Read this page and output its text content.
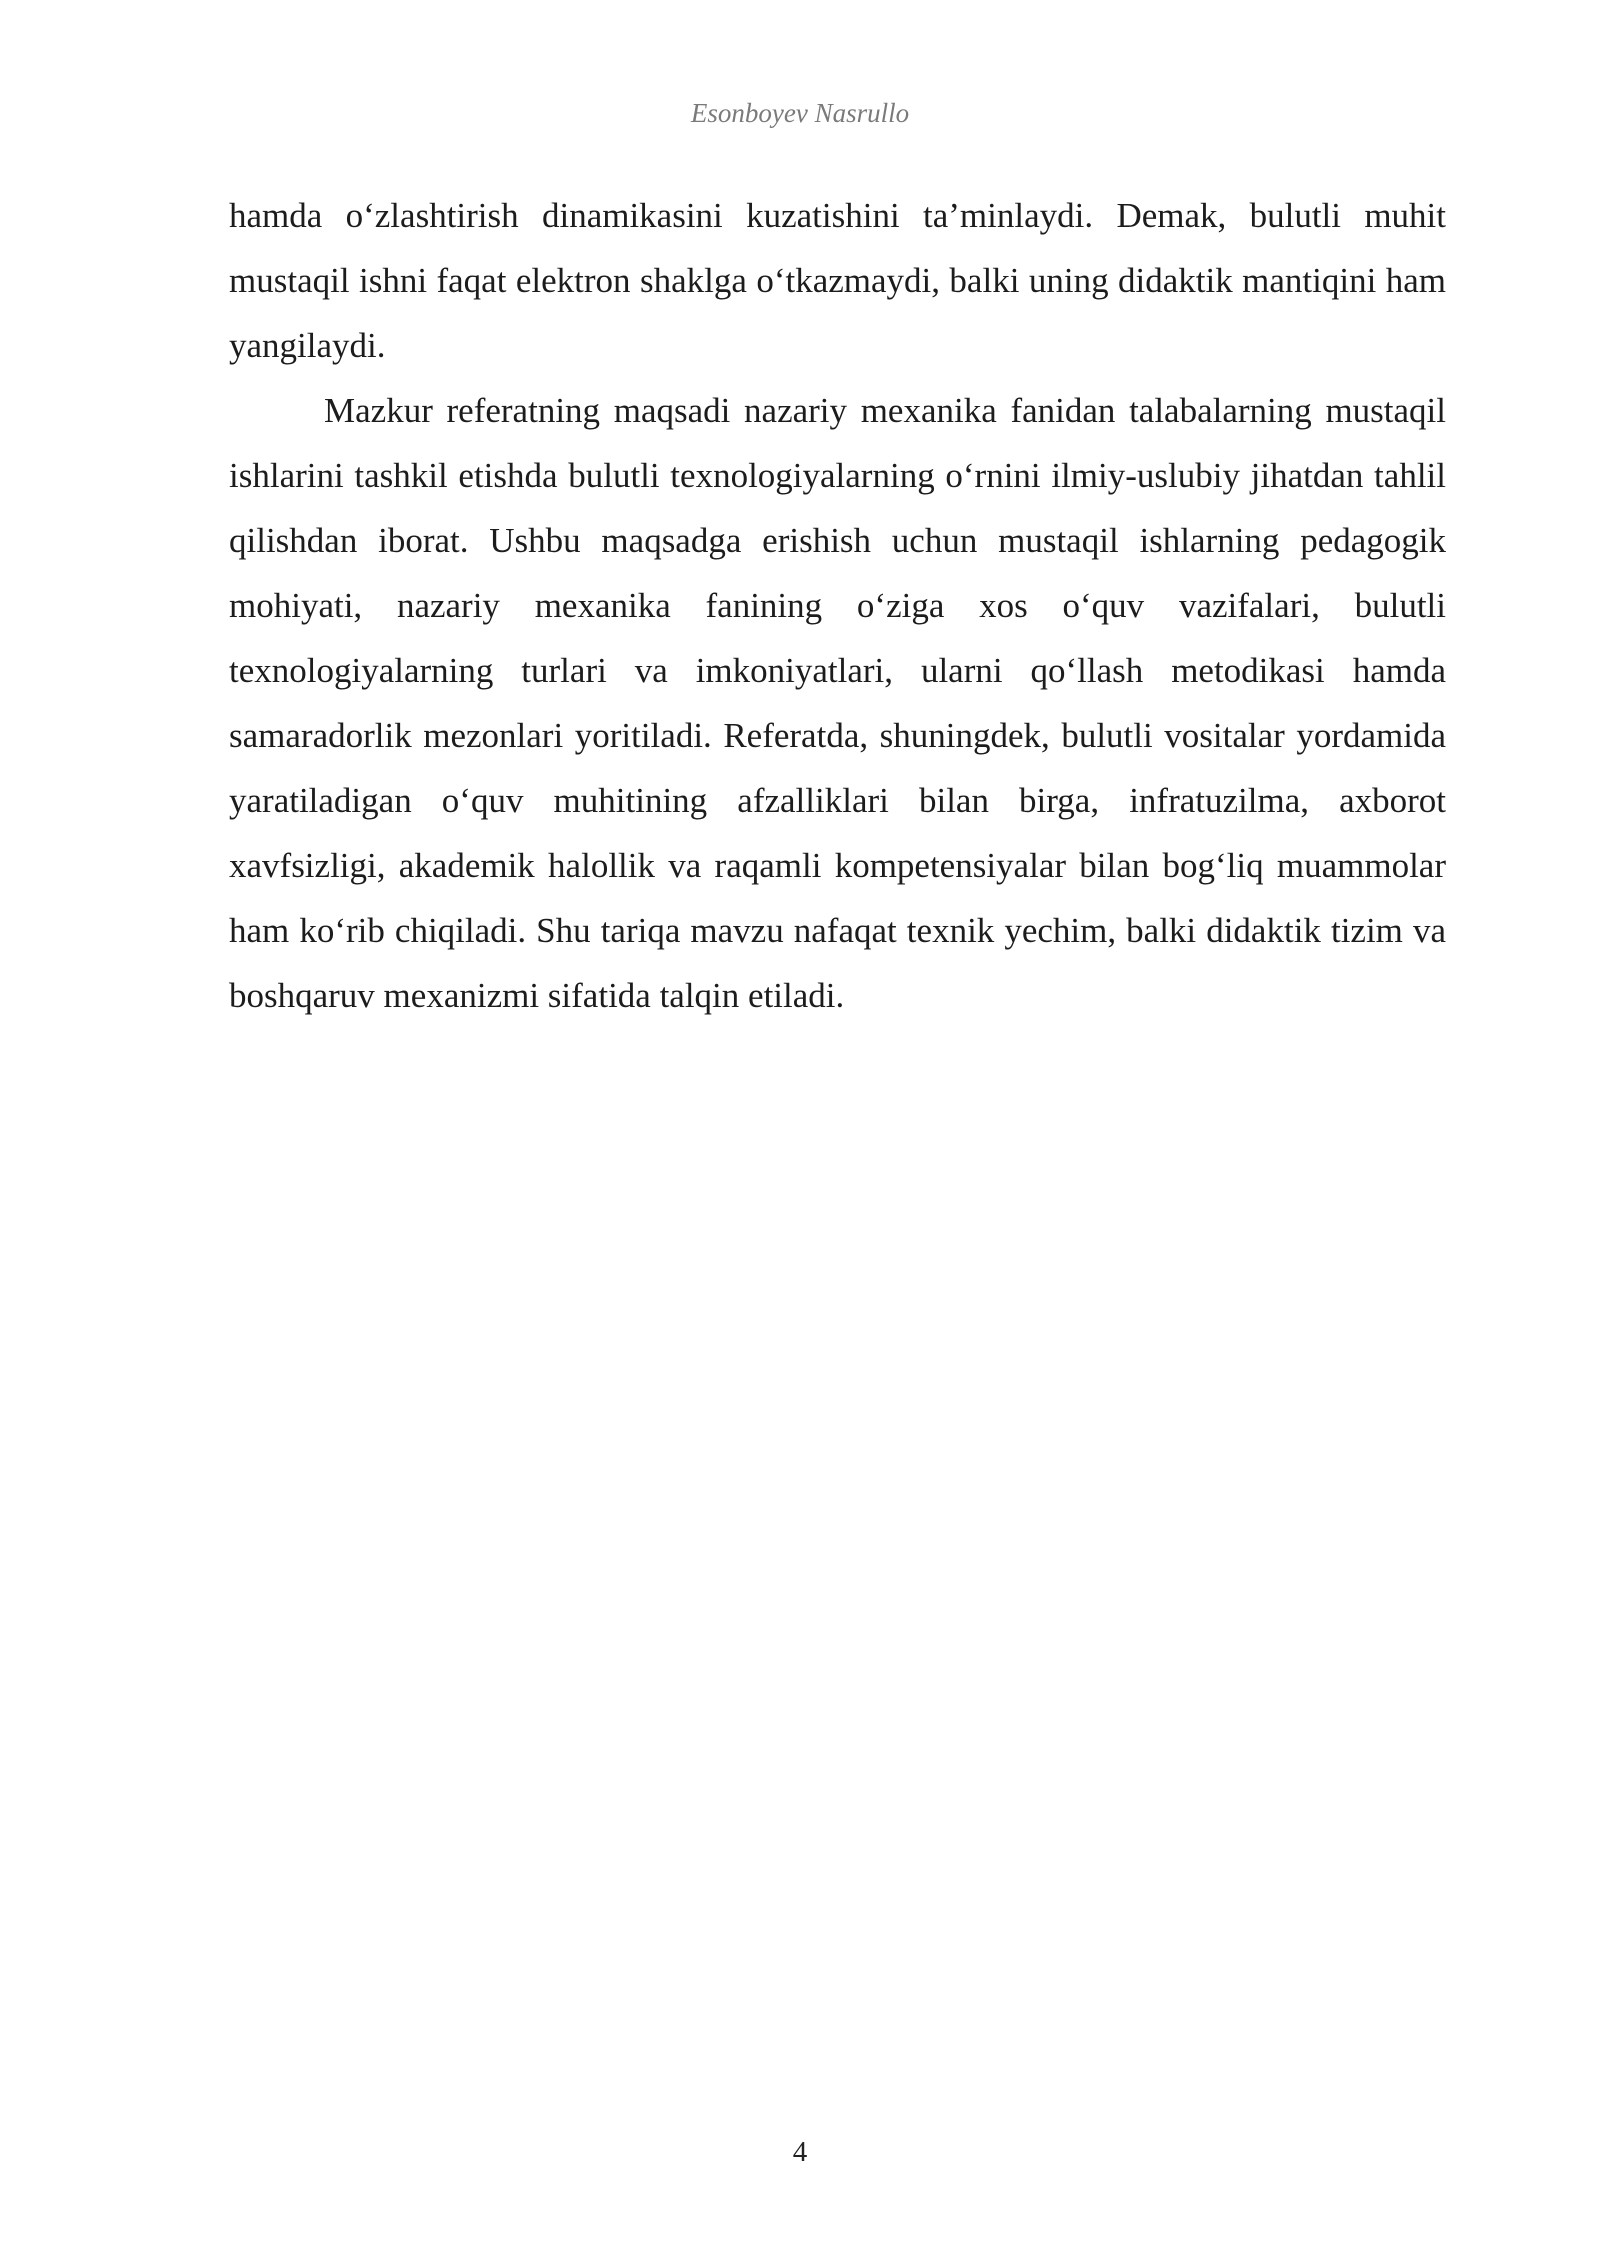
Esonboyev Nasrullo

hamda o‘zlashtirish dinamikasini kuzatishini ta’minlaydi. Demak, bulutli muhit mustaqil ishni faqat elektron shaklga o‘tkazmaydi, balki uning didaktik mantiqini ham yangilaydi.

Mazkur referatning maqsadi nazariy mexanika fanidan talabalarning mustaqil ishlarini tashkil etishda bulutli texnologiyalarning o‘rnini ilmiy-uslubiy jihatdan tahlil qilishdan iborat. Ushbu maqsadga erishish uchun mustaqil ishlarning pedagogik mohiyati, nazariy mexanika fanining o‘ziga xos o‘quv vazifalari, bulutli texnologiyalarning turlari va imkoniyatlari, ularni qo‘llash metodikasi hamda samaradorlik mezonlari yoritiladi. Referatda, shuningdek, bulutli vositalar yordamida yaratiladigan o‘quv muhitining afzalliklari bilan birga, infratuzilma, axborot xavfsizligi, akademik halollik va raqamli kompetensiyalar bilan bog‘liq muammolar ham ko‘rib chiqiladi. Shu tariqa mavzu nafaqat texnik yechim, balki didaktik tizim va boshqaruv mexanizmi sifatida talqin etiladi.

4
